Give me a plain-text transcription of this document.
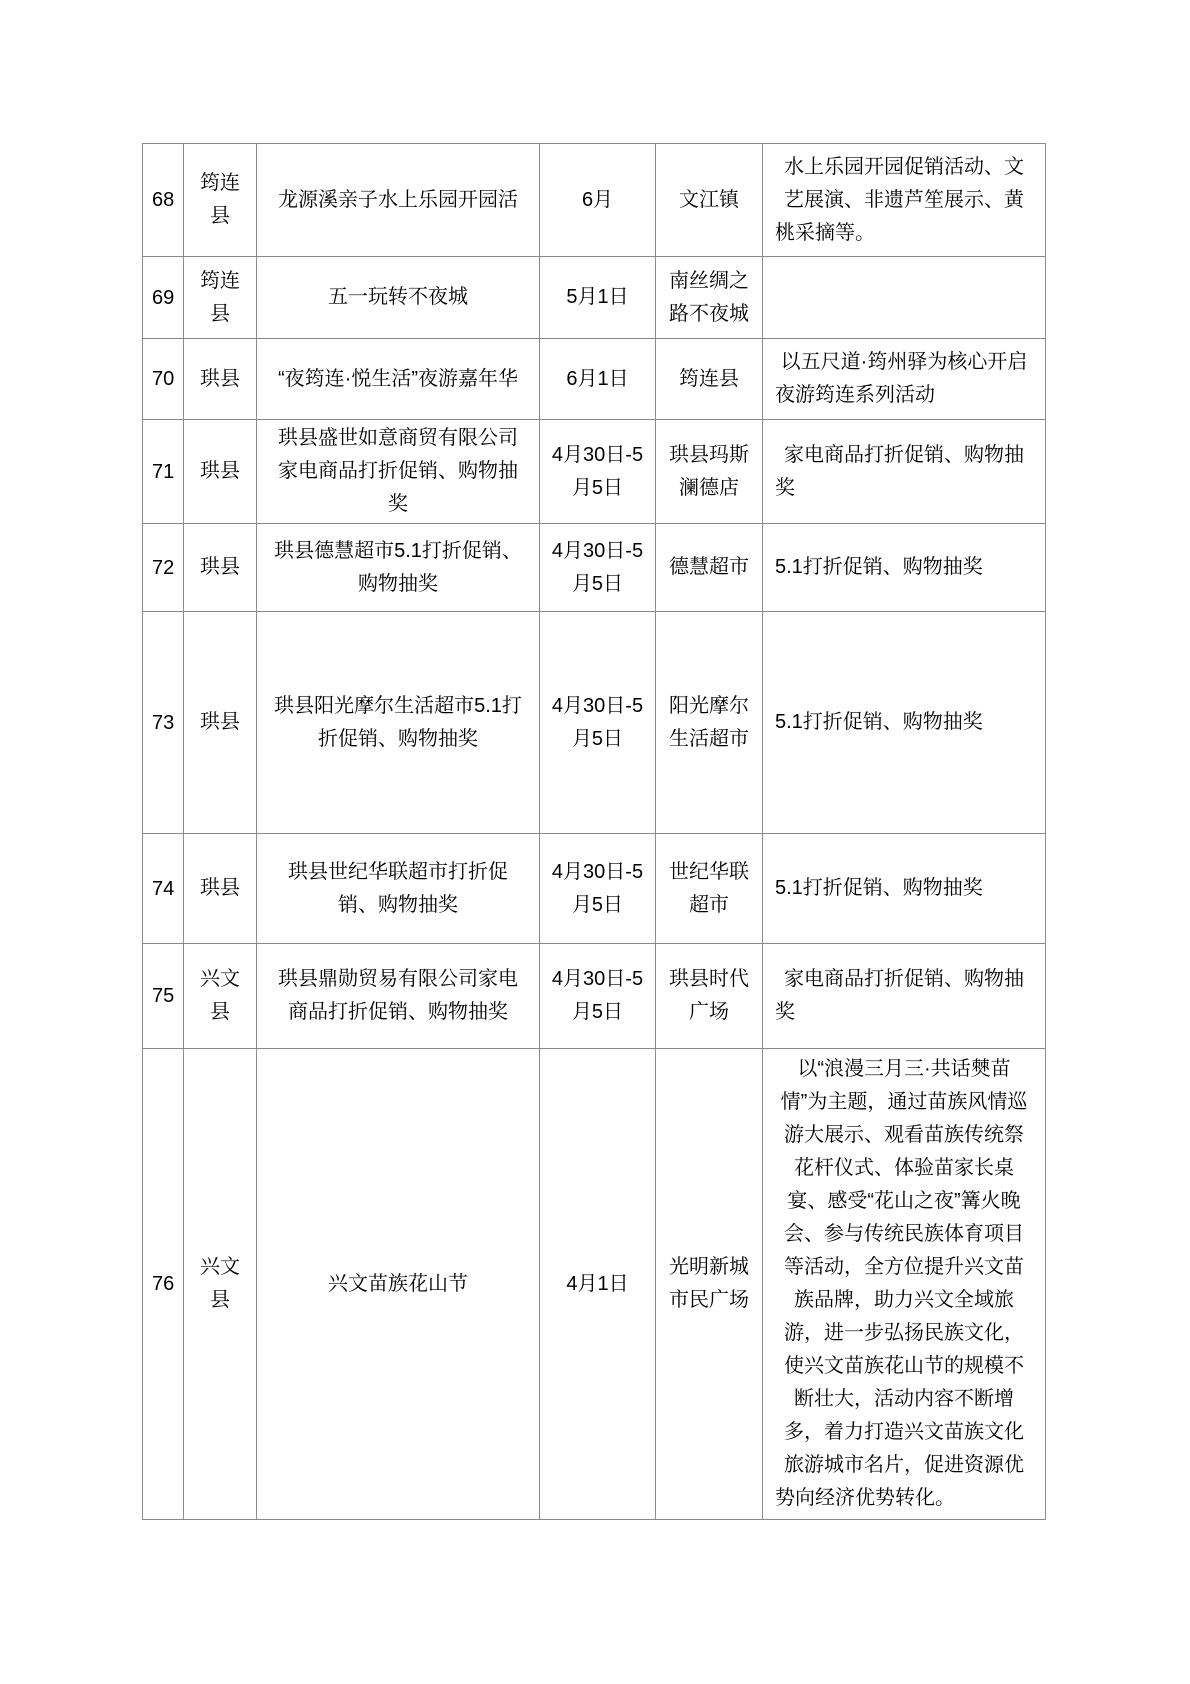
68	筠连县	龙源溪亲子水上乐园开园活	6月	文江镇	水上乐园开园促销活动、文艺展演、非遗芦笙展示、黄桃采摘等。
69	筠连县	五一玩转不夜城	5月1日	南丝绸之路不夜城	
70	珙县	“夜筠连·悦生活”夜游嘉年华	6月1日	筠连县	以五尺道·筠州驿为核心开启夜游筠连系列活动
71	珙县	珙县盛世如意商贸有限公司家电商品打折促销、购物抽奖	4月30日-5月5日	珙县玛斯澜德店	家电商品打折促销、购物抽奖
72	珙县	珙县德慧超市5.1打折促销、购物抽奖	4月30日-5月5日	德慧超市	5.1打折促销、购物抽奖
73	珙县	珙县阳光摩尔生活超市5.1打折促销、购物抽奖	4月30日-5月5日	阳光摩尔生活超市	5.1打折促销、购物抽奖
74	珙县	珙县世纪华联超市打折促销、购物抽奖	4月30日-5月5日	世纪华联超市	5.1打折促销、购物抽奖
75	兴文县	珙县鼎勋贸易有限公司家电商品打折促销、购物抽奖	4月30日-5月5日	珙县时代广场	家电商品打折促销、购物抽奖
76	兴文县	兴文苗族花山节	4月1日	光明新城市民广场	以“浪漫三月三·共话僰苗情”为主题，通过苗族风情巡游大展示、观看苗族传统祭花杆仪式、体验苗家长桌宴、感受“花山之夜”篝火晚会、参与传统民族体育项目等活动，全方位提升兴文苗族品牌，助力兴文全域旅游，进一步弘扬民族文化，使兴文苗族花山节的规模不断壮大，活动内容不断增多，着力打造兴文苗族文化旅游城市名片，促进资源优势向经济优势转化。
